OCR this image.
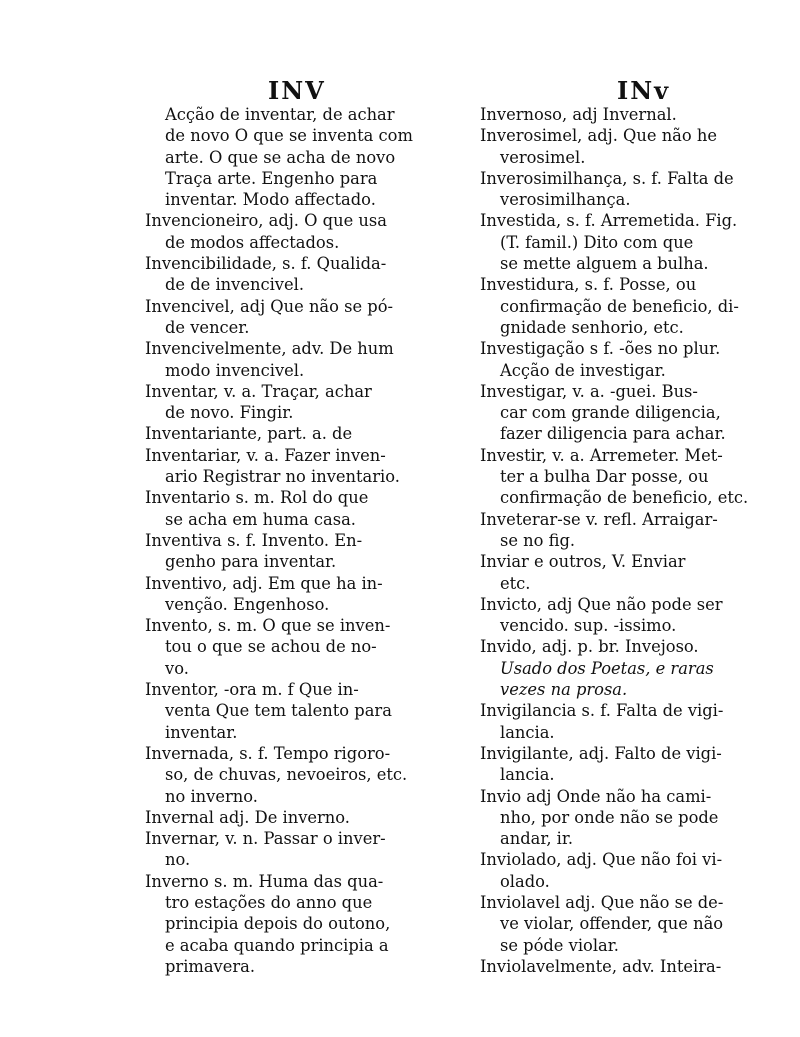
INV	INv
Acção de inventar, de achar
de novo O que se inventa com
arte. O que se acha de novo
Traça arte. Engenho para
inventar. Modo affectado.
Invencioneiro, adj. O que usa
de modos affectados.
Invencibilidade, s. f. Qualida-
de de invencivel.
Invencivel, adj Que não se pó-
de vencer.
Invencivelmente, adv. De hum
modo invencivel.
Inventar, v. a. Traçar, achar
de novo. Fingir.
Inventariante, part. a. de
Inventariar, v. a. Fazer inven-
ario Registrar no inventario.
Inventario s. m. Rol do que
se acha em huma casa.
Inventiva s. f. Invento. En-
genho para inventar.
Inventivo, adj. Em que ha in-
venção. Engenhoso.
Invento, s. m. O que se inven-
tou o que se achou de no-
vo.
Inventor, -ora m. f Que in-
venta Que tem talento para
inventar.
Invernada, s. f. Tempo rigoro-
so, de chuvas, nevoeiros, etc.
no inverno.
Invernal adj. De inverno.
Invernar, v. n. Passar o inver-
no.
Inverno s. m. Huma das qua-
tro estações do anno que
principia depois do outono,
e acaba quando principia a
primavera.
Invernoso, adj Invernal.
Inverosimel, adj. Que não he
verosimel.
Inverosimilhança, s. f. Falta de
verosimilhança.
Investida, s. f. Arremetida. Fig.
(T. famil.) Dito com que
se mette alguem a bulha.
Investidura, s. f. Posse, ou
confirmação de beneficio, di-
gnidade senhorio, etc.
Investigação s f. -ões no plur.
Acção de investigar.
Investigar, v. a. -guei. Bus-
car com grande diligencia,
fazer diligencia para achar.
Investir, v. a. Arremeter. Met-
ter a bulha Dar posse, ou
confirmação de beneficio, etc.
Inveterar-se v. refl. Arraigar-
se no fig.
Inviar e outros, V. Enviar
etc.
Invicto, adj Que não pode ser
vencido. sup. -issimo.
Invido, adj. p. br. Invejoso.
Usado dos Poetas, e raras
vezes na prosa.
Invigilancia s. f. Falta de vigi-
lancia.
Invigilante, adj. Falto de vigi-
lancia.
Invio adj Onde não ha cami-
nho, por onde não se pode
andar, ir.
Inviolado, adj. Que não foi vi-
olado.
Inviolavel adj. Que não se de-
ve violar, offender, que não
se póde violar.
Inviolavelmente, adv. Inteira-
